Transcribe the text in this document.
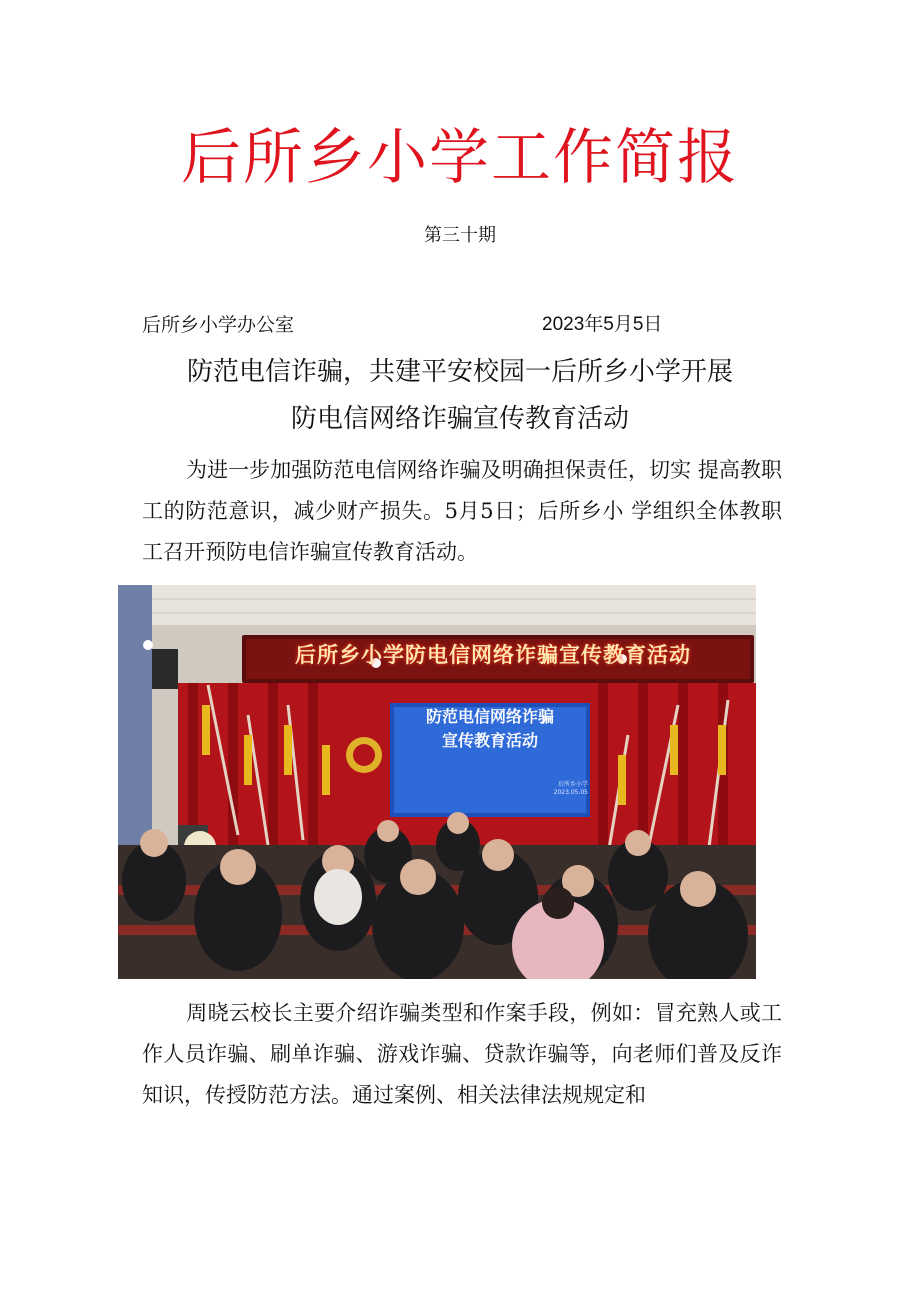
后所乡小学工作简报
第三十期
后所乡小学办公室	2023年5月5日
防范电信诈骗，共建平安校园一后所乡小学开展
防电信网络诈骗宣传教育活动
为进一步加强防范电信网络诈骗及明确担保责任，切实 提高教职工的防范意识，减少财产损失。5月5日；后所乡小 学组织全体教职工召开预防电信诈骗宣传教育活动。
后所乡小学防电信网络诈骗宣传教育活动
防范电信网络诈骗
宣传教育活动
后所乡小学
2023.05.05
周晓云校长主要介绍诈骗类型和作案手段，例如：冒充熟人或工作人员诈骗、刷单诈骗、游戏诈骗、贷款诈骗等，向老师们普及反诈知识，传授防范方法。通过案例、相关法律法规规定和
